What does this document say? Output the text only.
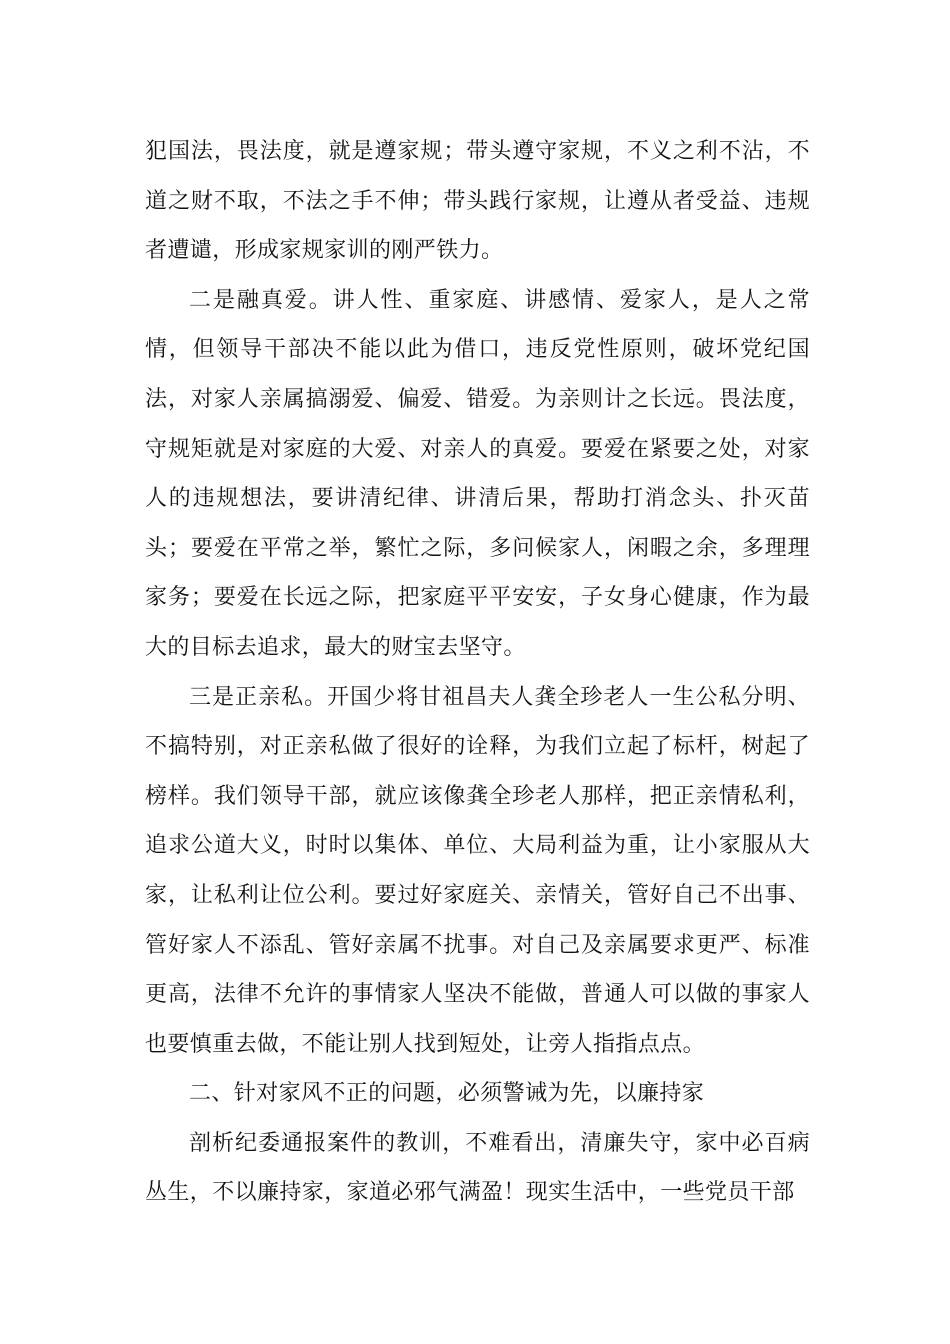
犯国法，畏法度，就是遵家规；带头遵守家规，不义之利不沾，不道之财不取，不法之手不伸；带头践行家规，让遵从者受益、违规者遭谴，形成家规家训的刚严铁力。

二是融真爱。讲人性、重家庭、讲感情、爱家人，是人之常情，但领导干部决不能以此为借口，违反党性原则，破坏党纪国法，对家人亲属搞溺爱、偏爱、错爱。为亲则计之长远。畏法度，守规矩就是对家庭的大爱、对亲人的真爱。要爱在紧要之处，对家人的违规想法，要讲清纪律、讲清后果，帮助打消念头、扑灭苗头；要爱在平常之举，繁忙之际，多问候家人，闲暇之余，多理理家务；要爱在长远之际，把家庭平平安安，子女身心健康，作为最大的目标去追求，最大的财宝去坚守。

三是正亲私。开国少将甘祖昌夫人龚全珍老人一生公私分明、不搞特别，对正亲私做了很好的诠释，为我们立起了标杆，树起了榜样。我们领导干部，就应该像龚全珍老人那样，把正亲情私利，追求公道大义，时时以集体、单位、大局利益为重，让小家服从大家，让私利让位公利。要过好家庭关、亲情关，管好自己不出事、管好家人不添乱、管好亲属不扰事。对自己及亲属要求更严、标准更高，法律不允许的事情家人坚决不能做，普通人可以做的事家人也要慎重去做，不能让别人找到短处，让旁人指指点点。

二、针对家风不正的问题，必须警诫为先，以廉持家

剖析纪委通报案件的教训，不难看出，清廉失守，家中必百病丛生，不以廉持家，家道必邪气满盈！现实生活中，一些党员干部
